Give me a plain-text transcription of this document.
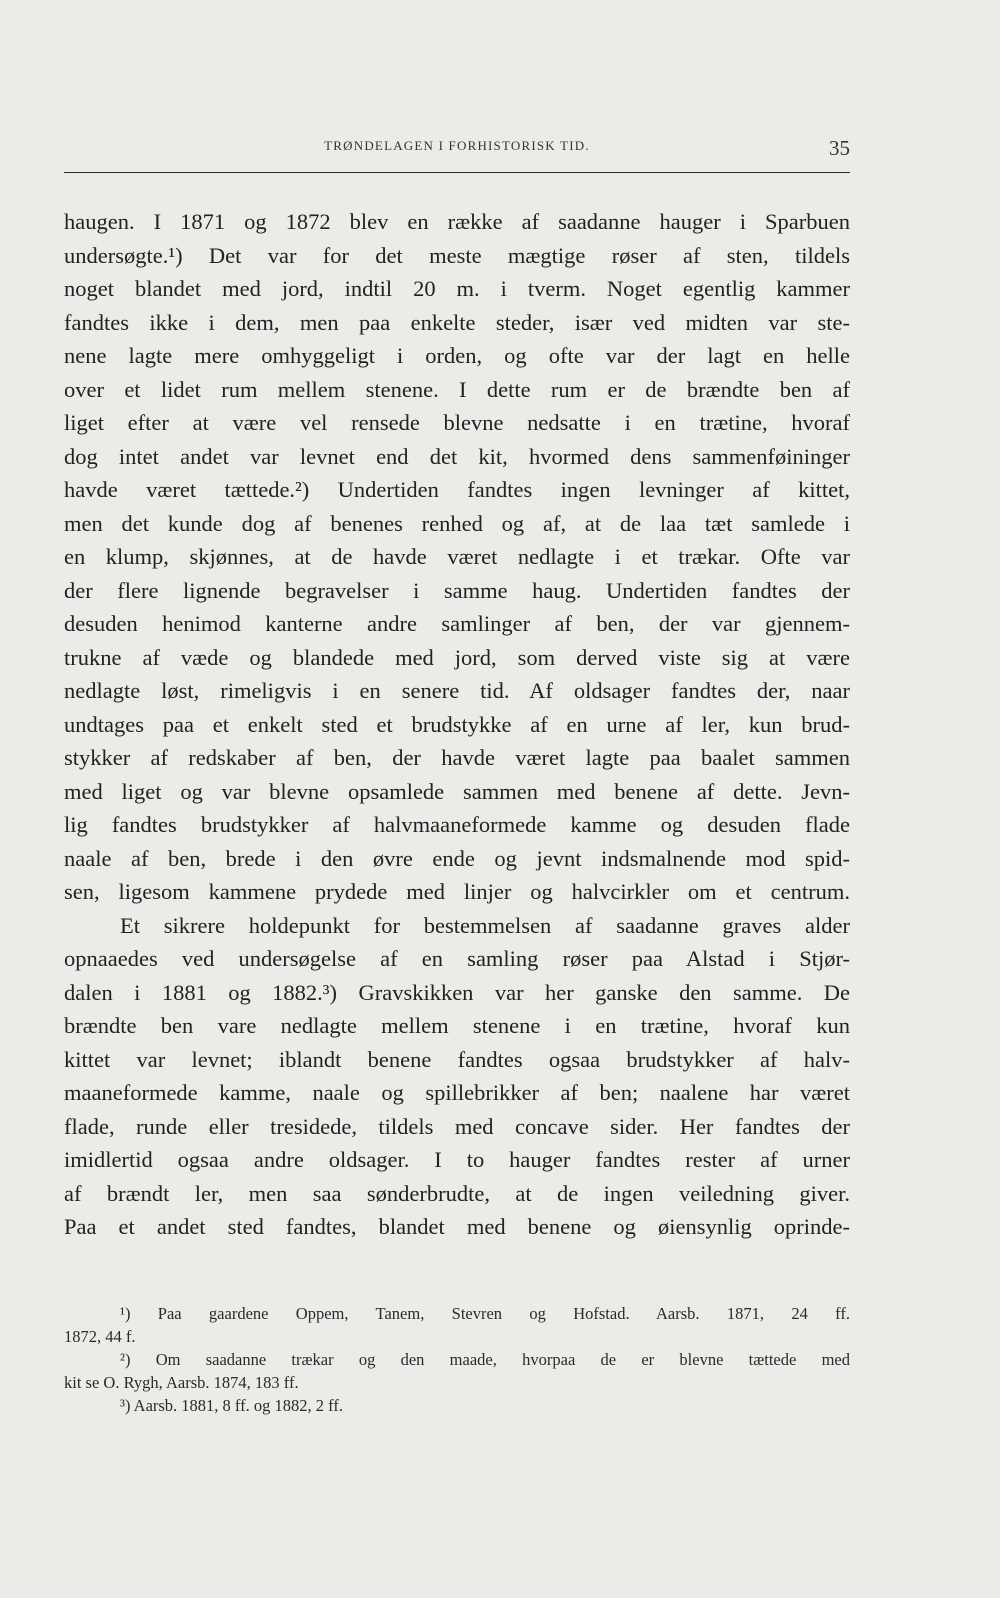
TRØNDELAGEN I FORHISTORISK TID.	35
haugen. I 1871 og 1872 blev en række af saadanne hauger i Sparbuen
undersøgte.¹) Det var for det meste mægtige røser af sten, tildels
noget blandet med jord, indtil 20 m. i tverm. Noget egentlig kammer
fandtes ikke i dem, men paa enkelte steder, især ved midten var ste-
nene lagte mere omhyggeligt i orden, og ofte var der lagt en helle
over et lidet rum mellem stenene. I dette rum er de brændte ben af
liget efter at være vel rensede blevne nedsatte i en trætine, hvoraf
dog intet andet var levnet end det kit, hvormed dens sammenføininger
havde været tættede.²) Undertiden fandtes ingen levninger af kittet,
men det kunde dog af benenes renhed og af, at de laa tæt samlede i
en klump, skjønnes, at de havde været nedlagte i et trækar. Ofte var
der flere lignende begravelser i samme haug. Undertiden fandtes der
desuden henimod kanterne andre samlinger af ben, der var gjennem-
trukne af væde og blandede med jord, som derved viste sig at være
nedlagte løst, rimeligvis i en senere tid. Af oldsager fandtes der, naar
undtages paa et enkelt sted et brudstykke af en urne af ler, kun brud-
stykker af redskaber af ben, der havde været lagte paa baalet sammen
med liget og var blevne opsamlede sammen med benene af dette. Jevn-
lig fandtes brudstykker af halvmaaneformede kamme og desuden flade
naale af ben, brede i den øvre ende og jevnt indsmalnende mod spid-
sen, ligesom kammene prydede med linjer og halvcirkler om et centrum.
Et sikrere holdepunkt for bestemmelsen af saadanne graves alder
opnaaedes ved undersøgelse af en samling røser paa Alstad i Stjør-
dalen i 1881 og 1882.³) Gravskikken var her ganske den samme. De
brændte ben vare nedlagte mellem stenene i en trætine, hvoraf kun
kittet var levnet; iblandt benene fandtes ogsaa brudstykker af halv-
maaneformede kamme, naale og spillebrikker af ben; naalene har været
flade, runde eller tresidede, tildels med concave sider. Her fandtes der
imidlertid ogsaa andre oldsager. I to hauger fandtes rester af urner
af brændt ler, men saa sønderbrudte, at de ingen veiledning giver.
Paa et andet sted fandtes, blandet med benene og øiensynlig oprinde-
¹) Paa gaardene Oppem, Tanem, Stevren og Hofstad. Aarsb. 1871, 24 ff.
1872, 44 f.
²) Om saadanne trækar og den maade, hvorpaa de er blevne tættede med
kit se O. Rygh, Aarsb. 1874, 183 ff.
³) Aarsb. 1881, 8 ff. og 1882, 2 ff.
